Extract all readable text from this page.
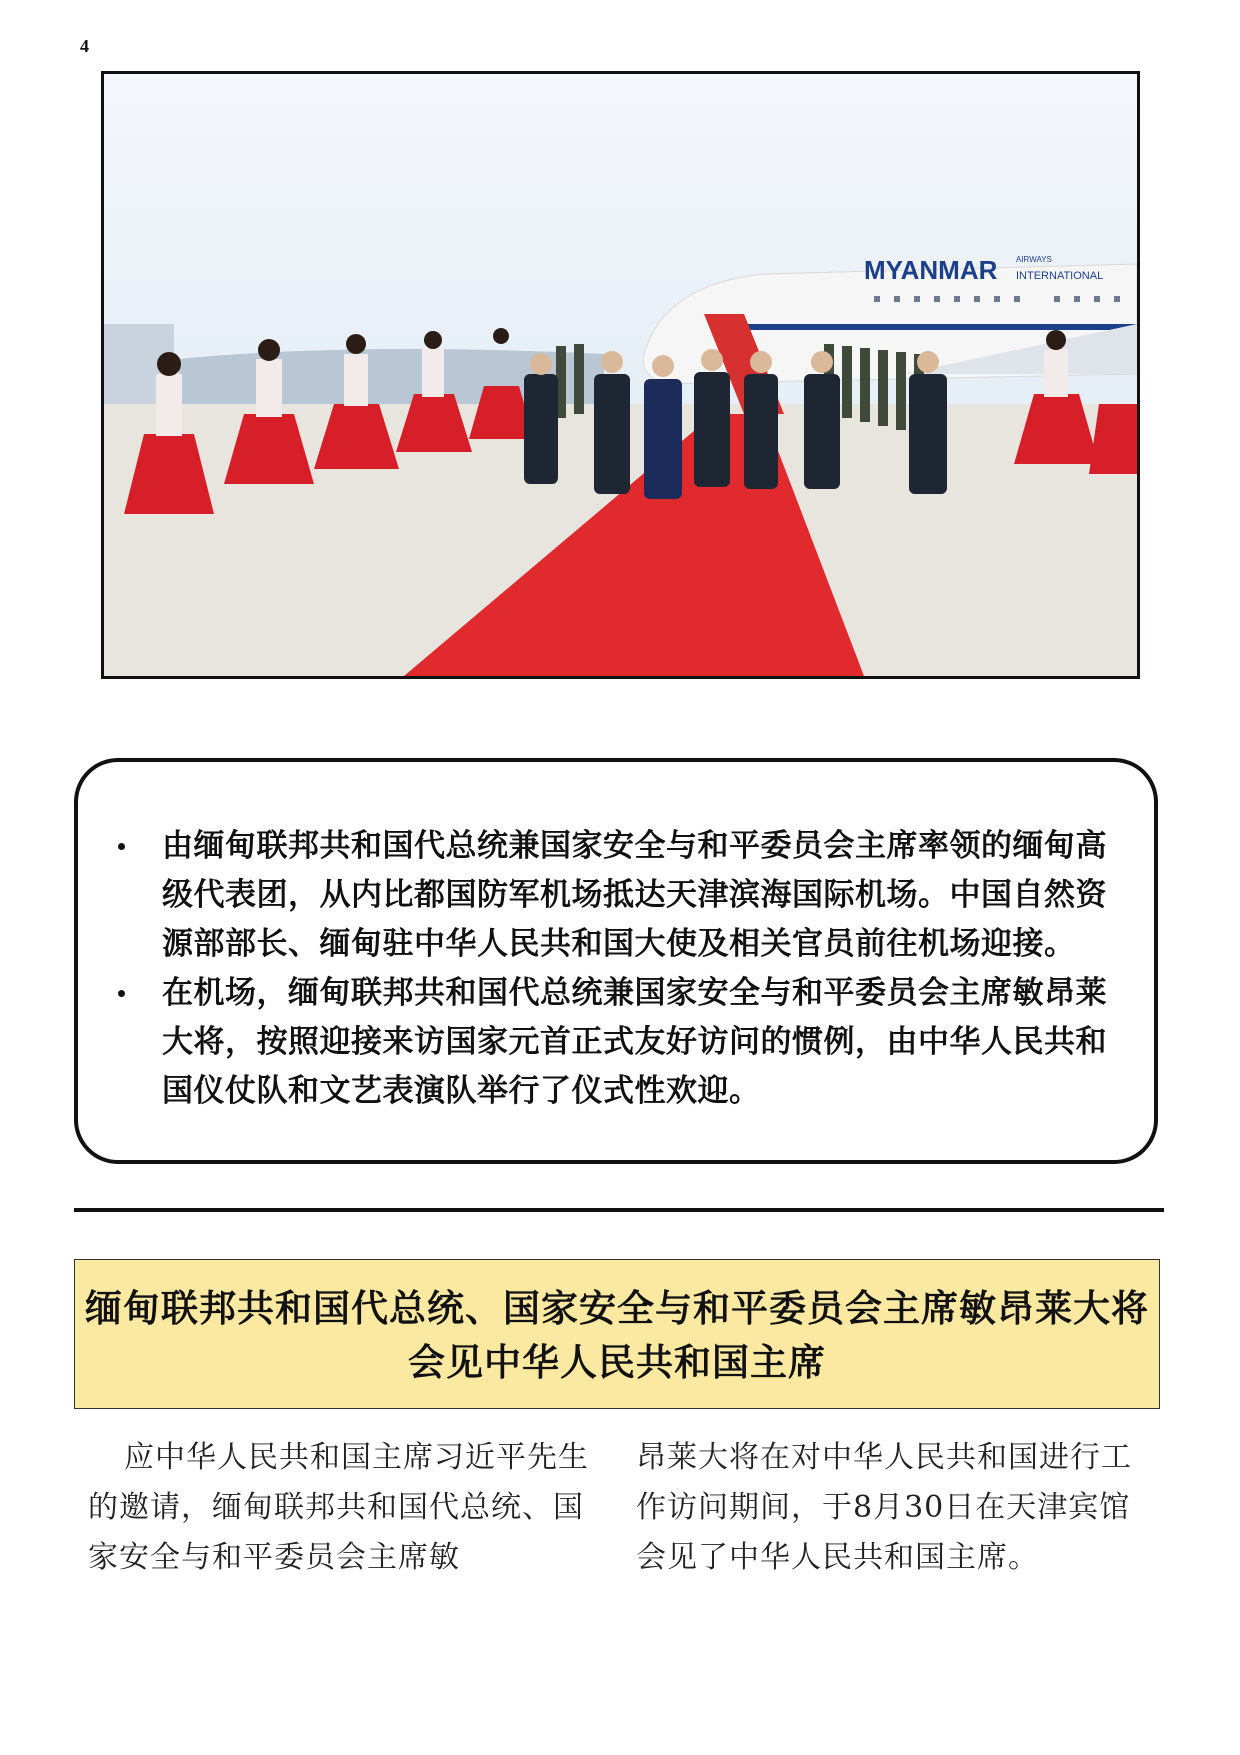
4
MYANMAR AIRWAYS
INTERNATIONAL
由缅甸联邦共和国代总统兼国家安全与和平委员会主席率领的缅甸高级代表团，从内比都国防军机场抵达天津滨海国际机场。中国自然资源部部长、缅甸驻中华人民共和国大使及相关官员前往机场迎接。
在机场，缅甸联邦共和国代总统兼国家安全与和平委员会主席敏昂莱大将，按照迎接来访国家元首正式友好访问的惯例，由中华人民共和国仪仗队和文艺表演队举行了仪式性欢迎。
缅甸联邦共和国代总统、国家安全与和平委员会主席敏昂莱大将
会见中华人民共和国主席
应中华人民共和国主席习近平先生的邀请，缅甸联邦共和国代总统、国家安全与和平委员会主席敏
昂莱大将在对中华人民共和国进行工作访问期间，于8月30日在天津宾馆会见了中华人民共和国主席。
